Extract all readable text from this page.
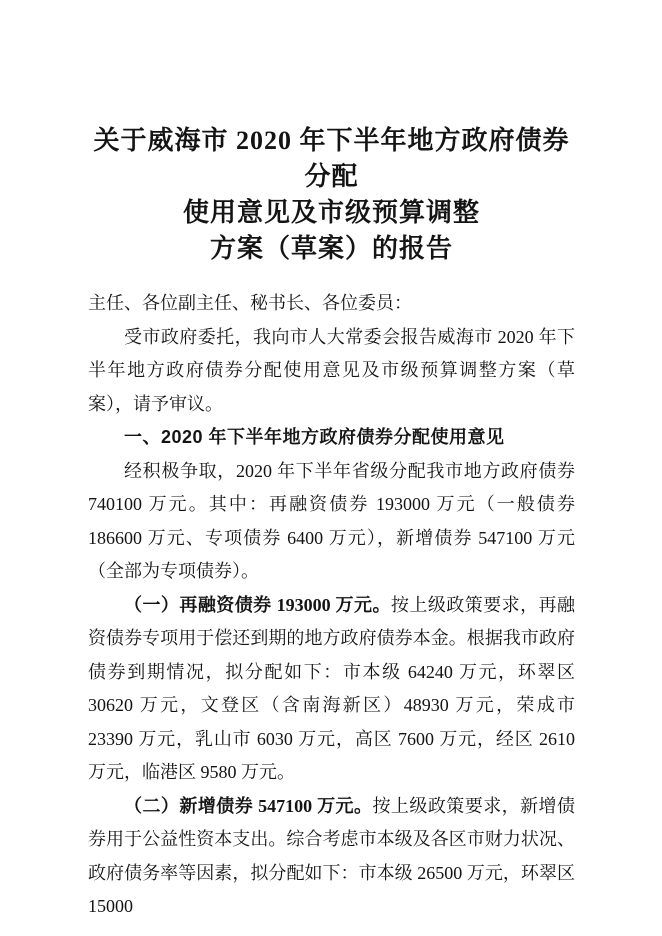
关于威海市 2020 年下半年地方政府债券分配
使用意见及市级预算调整
方案（草案）的报告

主任、各位副主任、秘书长、各位委员：

受市政府委托，我向市人大常委会报告威海市 2020 年下半年地方政府债券分配使用意见及市级预算调整方案（草案），请予审议。

一、2020 年下半年地方政府债券分配使用意见

经积极争取，2020 年下半年省级分配我市地方政府债券 740100 万元。其中：再融资债券 193000 万元（一般债券 186600 万元、专项债券 6400 万元），新增债券 547100 万元（全部为专项债券）。

（一）再融资债券 193000 万元。按上级政策要求，再融资债券专项用于偿还到期的地方政府债券本金。根据我市政府债券到期情况，拟分配如下：市本级 64240 万元，环翠区 30620 万元，文登区（含南海新区）48930 万元，荣成市 23390 万元，乳山市 6030 万元，高区 7600 万元，经区 2610 万元，临港区 9580 万元。

（二）新增债券 547100 万元。按上级政策要求，新增债券用于公益性资本支出。综合考虑市本级及各区市财力状况、政府债务率等因素，拟分配如下：市本级 26500 万元，环翠区 15000
